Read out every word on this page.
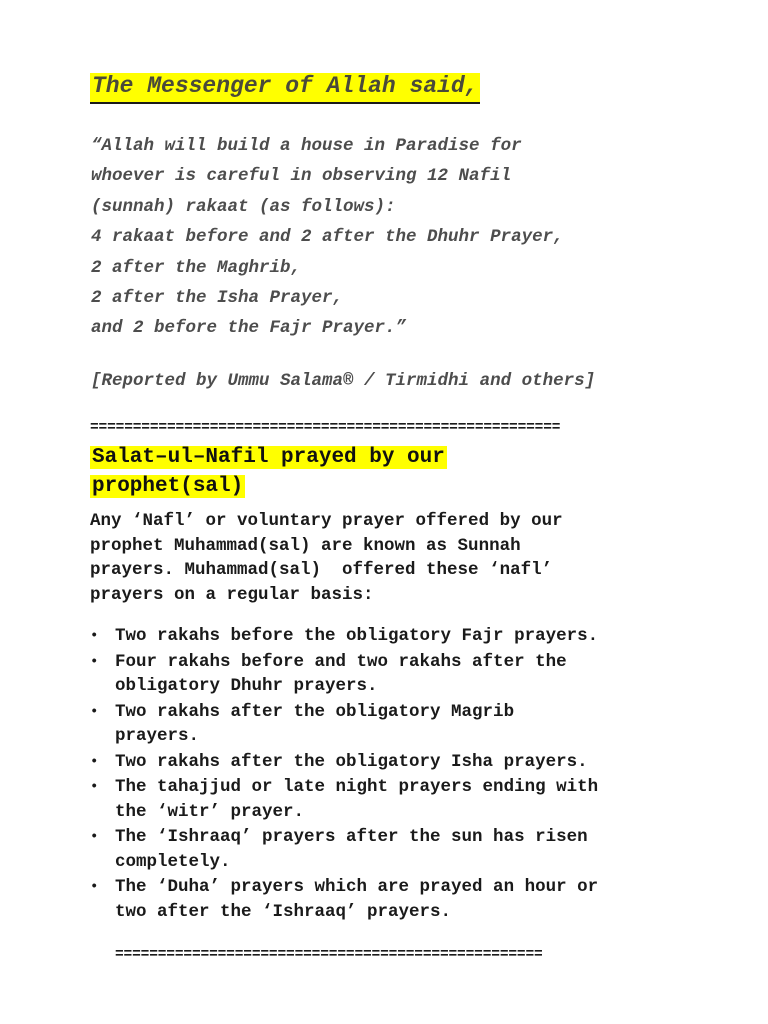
The Messenger of Allah said,
“Allah will build a house in Paradise for
whoever is careful in observing 12 Nafil
(sunnah) rakaat (as follows):
4 rakaat before and 2 after the Dhuhr Prayer,
2 after the Maghrib,
2 after the Isha Prayer,
and 2 before the Fajr Prayer.”

[Reported by Ummu Salama® / Tirmidhi and others]

=======================================================
Salat–ul–Nafil prayed by our
prophet(sal)
Any ‘Nafl’ or voluntary prayer offered by our
prophet Muhammad(sal) are known as Sunnah
prayers. Muhammad(sal)  offered these ‘nafl’
prayers on a regular basis:
• Two rakahs before the obligatory Fajr prayers.
• Four rakahs before and two rakahs after the
obligatory Dhuhr prayers.
• Two rakahs after the obligatory Magrib
prayers.
• Two rakahs after the obligatory Isha prayers.
• The tahajjud or late night prayers ending with
the ‘witr’ prayer.
• The ‘Ishraaq’ prayers after the sun has risen
completely.
• The ‘Duha’ prayers which are prayed an hour or
two after the ‘Ishraaq’ prayers.
==================================================
